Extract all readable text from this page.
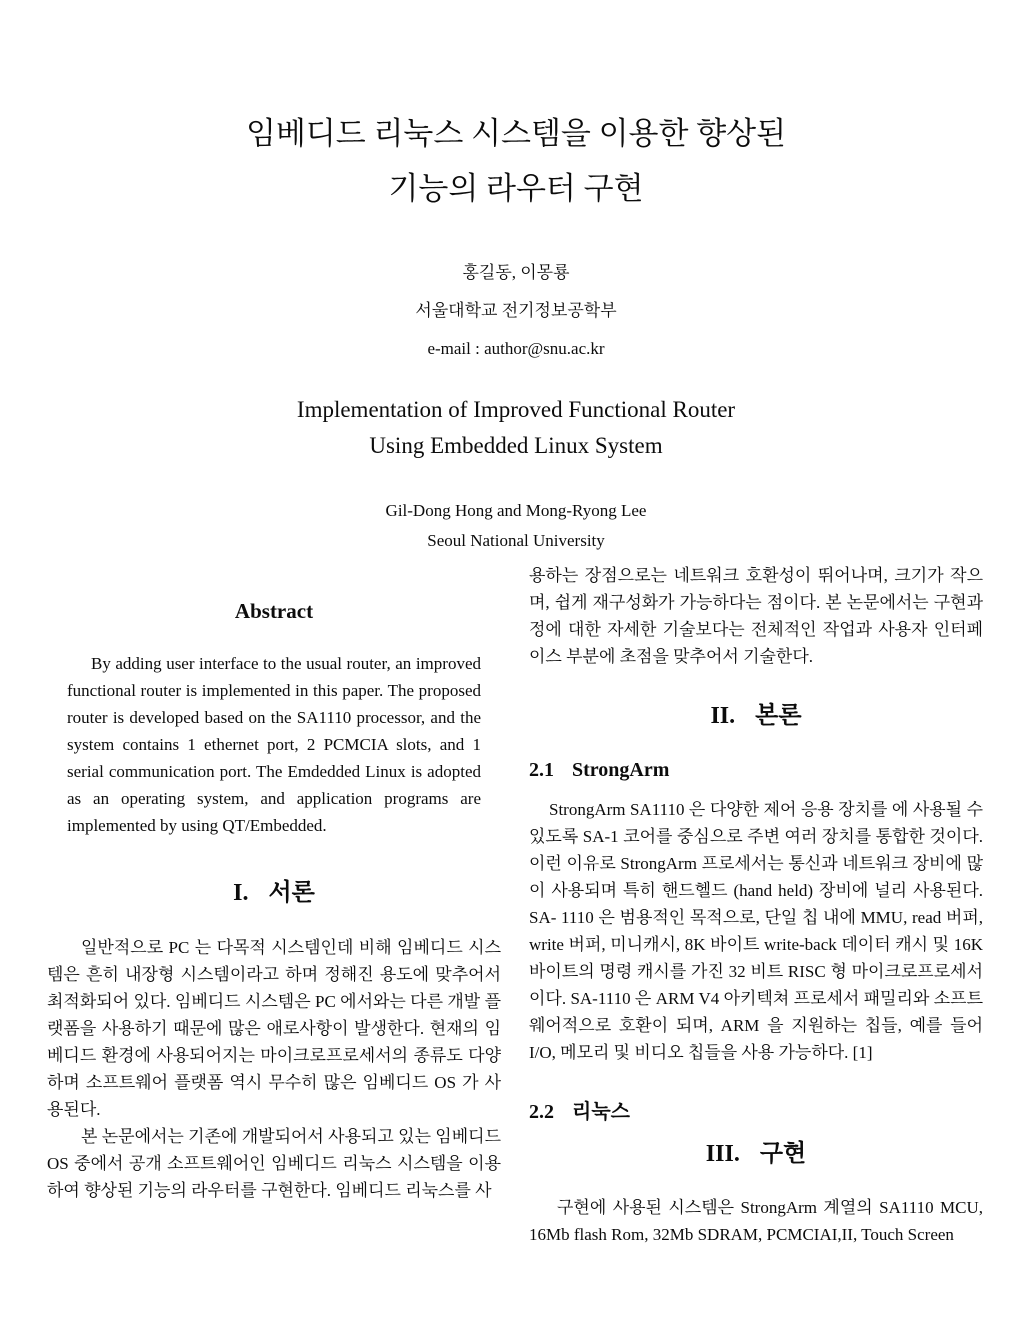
임베디드 리눅스 시스템을 이용한 향상된
기능의 라우터 구현
홍길동, 이몽룡
서울대학교 전기정보공학부
e-mail : author@snu.ac.kr
Implementation of Improved Functional Router
Using Embedded Linux System
Gil-Dong Hong and Mong-Ryong Lee
Seoul National University
Abstract

By adding user interface to the usual router, an improved functional router is implemented in this paper. The proposed router is developed based on the SA1110 processor, and the system contains 1 ethernet port, 2 PCMCIA slots, and 1 serial communication port. The Emdedded Linux is adopted as an operating system, and application programs are implemented by using QT/Embedded.

I. 서론

일반적으로 PC 는 다목적 시스템인데 비해 임베디드 시스템은 흔히 내장형 시스템이라고 하며 정해진 용도에 맞추어서 최적화되어 있다. 임베디드 시스템은 PC 에서와는 다른 개발 플랫폼을 사용하기 때문에 많은 애로사항이 발생한다. 현재의 임베디드 환경에 사용되어지는 마이크로프로세서의 종류도 다양하며 소프트웨어 플랫폼 역시 무수히 많은 임베디드 OS 가 사용된다.

본 논문에서는 기존에 개발되어서 사용되고 있는 임베디드 OS 중에서 공개 소프트웨어인 임베디드 리눅스 시스템을 이용하여 향상된 기능의 라우터를 구현한다. 임베디드 리눅스를 사

용하는 장점으로는 네트워크 호환성이 뛰어나며, 크기가 작으며, 쉽게 재구성화가 가능하다는 점이다. 본 논문에서는 구현과정에 대한 자세한 기술보다는 전체적인 작업과 사용자 인터페이스 부분에 초점을 맞추어서 기술한다.

II. 본론
2.1 StrongArm

StrongArm SA1110 은 다양한 제어 응용 장치를 에 사용될 수 있도록 SA-1 코어를 중심으로 주변 여러 장치를 통합한 것이다. 이런 이유로 StrongArm 프로세서는 통신과 네트워크 장비에 많이 사용되며 특히 핸드헬드 (hand held) 장비에 널리 사용된다. SA- 1110 은 범용적인 목적으로, 단일 칩 내에 MMU, read 버퍼, write 버퍼, 미니캐시, 8K 바이트 write-back 데이터 캐시 및 16K 바이트의 명령 캐시를 가진 32 비트 RISC 형 마이크로프로세서이다. SA-1110 은 ARM V4 아키텍쳐 프로세서 패밀리와 소프트웨어적으로 호환이 되며, ARM 을 지원하는 칩들, 예를 들어 I/O, 메모리 및 비디오 칩들을 사용 가능하다. [1]

2.2 리눅스
III. 구현

구현에 사용된 시스템은 StrongArm 계열의 SA1110 MCU, 16Mb flash Rom, 32Mb SDRAM, PCMCIAI,II, Touch Screen
